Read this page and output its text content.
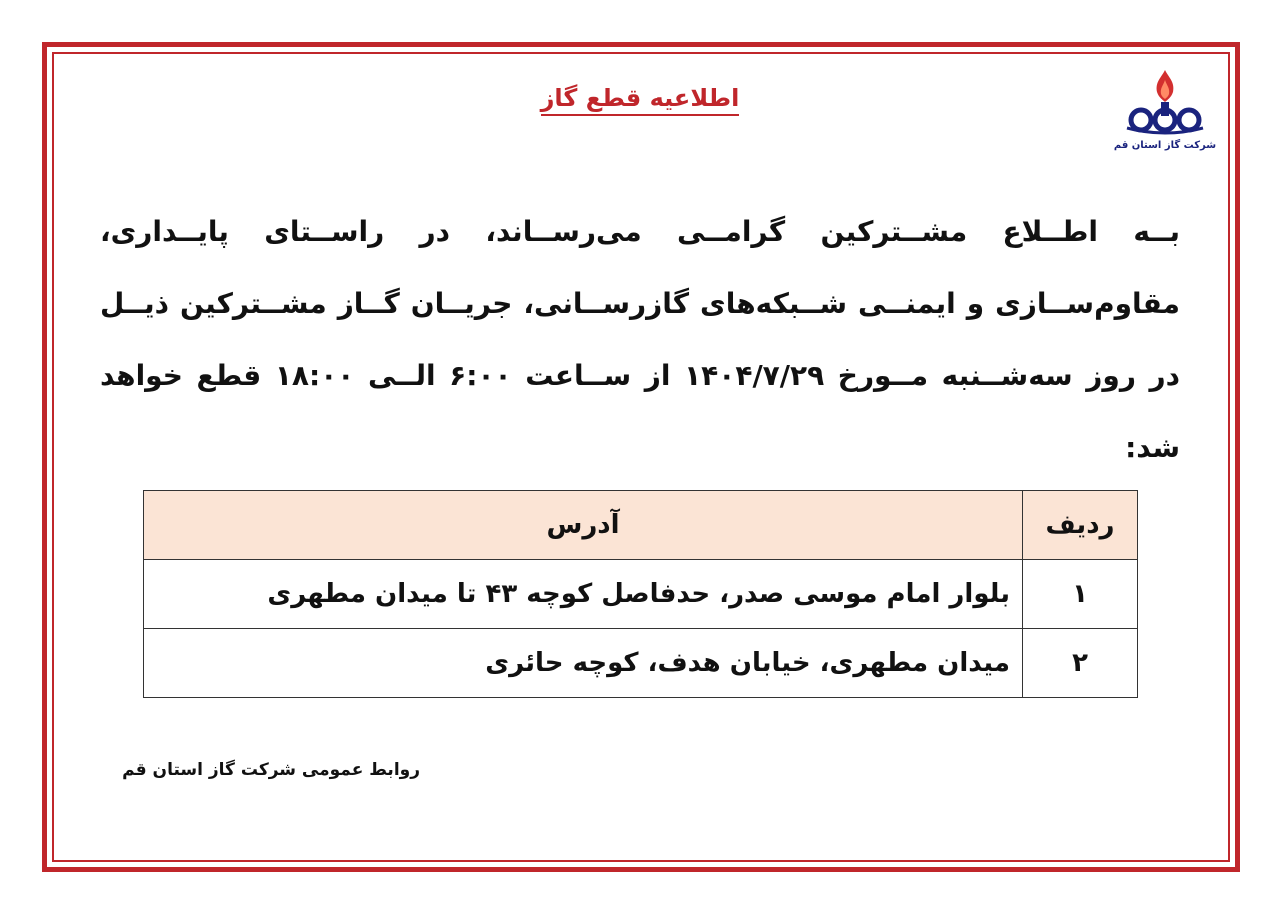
شرکت گاز استان قم
اطلاعیه قطع گاز
بــه اطــلاع مشــترکین گرامــی می‌رســاند، در راســتای پایــداری، مقاوم‌ســازی و ایمنــی شــبکه‌های گازرســانی، جریــان گــاز مشــترکین ذیــل در روز سه‌شــنبه مــورخ ۱۴۰۴/۷/۲۹ از ســاعت ۶:۰۰ الــی ۱۸:۰۰ قطع خواهد شد:
ردیف	آدرس
۱	بلوار امام موسی صدر، حدفاصل کوچه ۴۳ تا میدان مطهری
۲	میدان مطهری، خیابان هدف، کوچه حائری
روابط عمومی شرکت گاز استان قم
